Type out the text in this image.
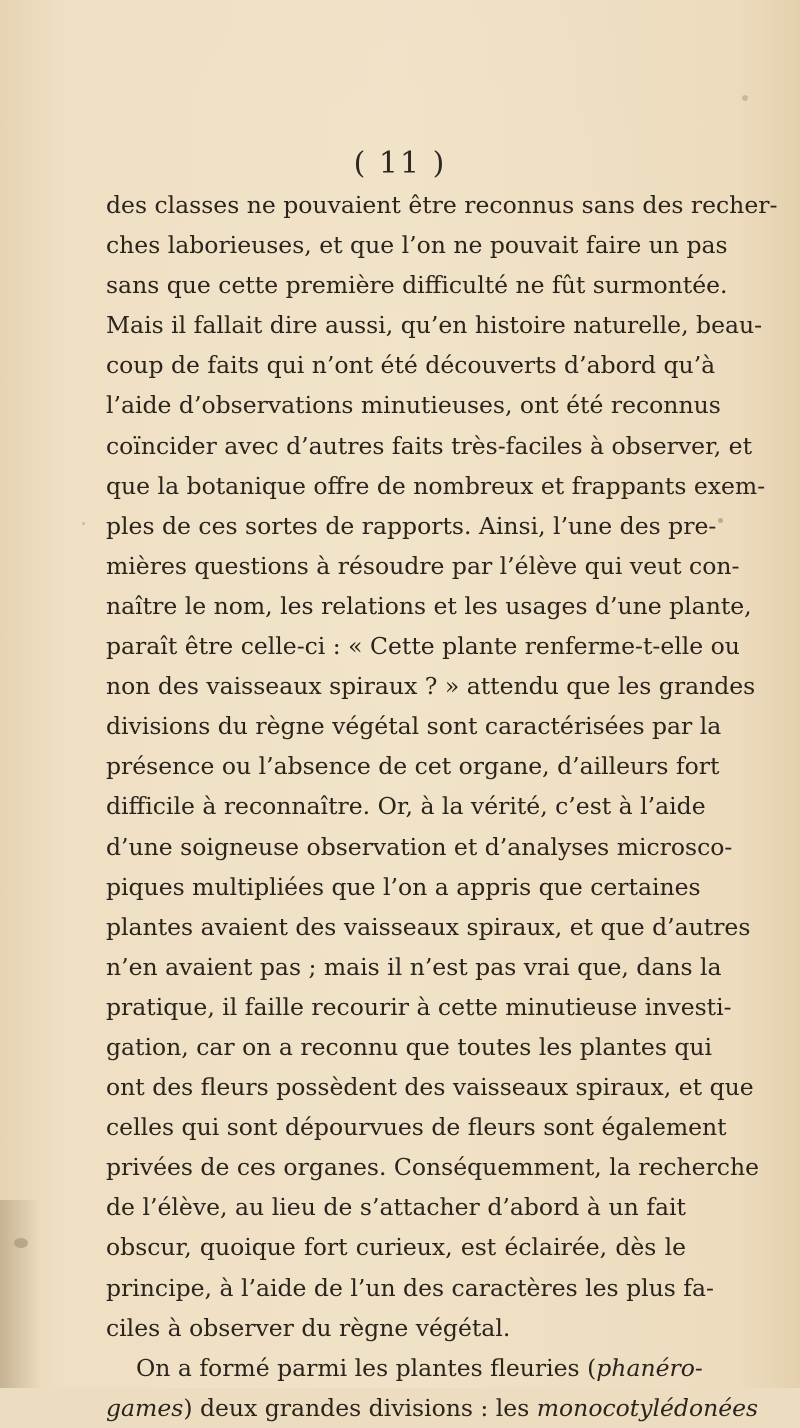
( 11 )
des classes ne pouvaient être reconnus sans des recher-
ches laborieuses, et que l’on ne pouvait faire un pas
sans que cette première difficulté ne fût surmontée.
Mais il fallait dire aussi, qu’en histoire naturelle, beau-
coup de faits qui n’ont été découverts d’abord qu’à
l’aide d’observations minutieuses, ont été reconnus
coïncider avec d’autres faits très-faciles à observer, et
que la botanique offre de nombreux et frappants exem-
ples de ces sortes de rapports. Ainsi, l’une des pre-
mières questions à résoudre par l’élève qui veut con-
naître le nom, les relations et les usages d’une plante,
paraît être celle-ci : « Cette plante renferme-t-elle ou
non des vaisseaux spiraux ? » attendu que les grandes
divisions du règne végétal sont caractérisées par la
présence ou l’absence de cet organe, d’ailleurs fort
difficile à reconnaître. Or, à la vérité, c’est à l’aide
d’une soigneuse observation et d’analyses microsco-
piques multipliées que l’on a appris que certaines
plantes avaient des vaisseaux spiraux, et que d’autres
n’en avaient pas ; mais il n’est pas vrai que, dans la
pratique, il faille recourir à cette minutieuse investi-
gation, car on a reconnu que toutes les plantes qui
ont des fleurs possèdent des vaisseaux spiraux, et que
celles qui sont dépourvues de fleurs sont également
privées de ces organes. Conséquemment, la recherche
de l’élève, au lieu de s’attacher d’abord à un fait
obscur, quoique fort curieux, est éclairée, dès le
principe, à l’aide de l’un des caractères les plus fa-
ciles à observer du règne végétal.
On a formé parmi les plantes fleuries (phanéro-
games) deux grandes divisions : les monocotylédonées
